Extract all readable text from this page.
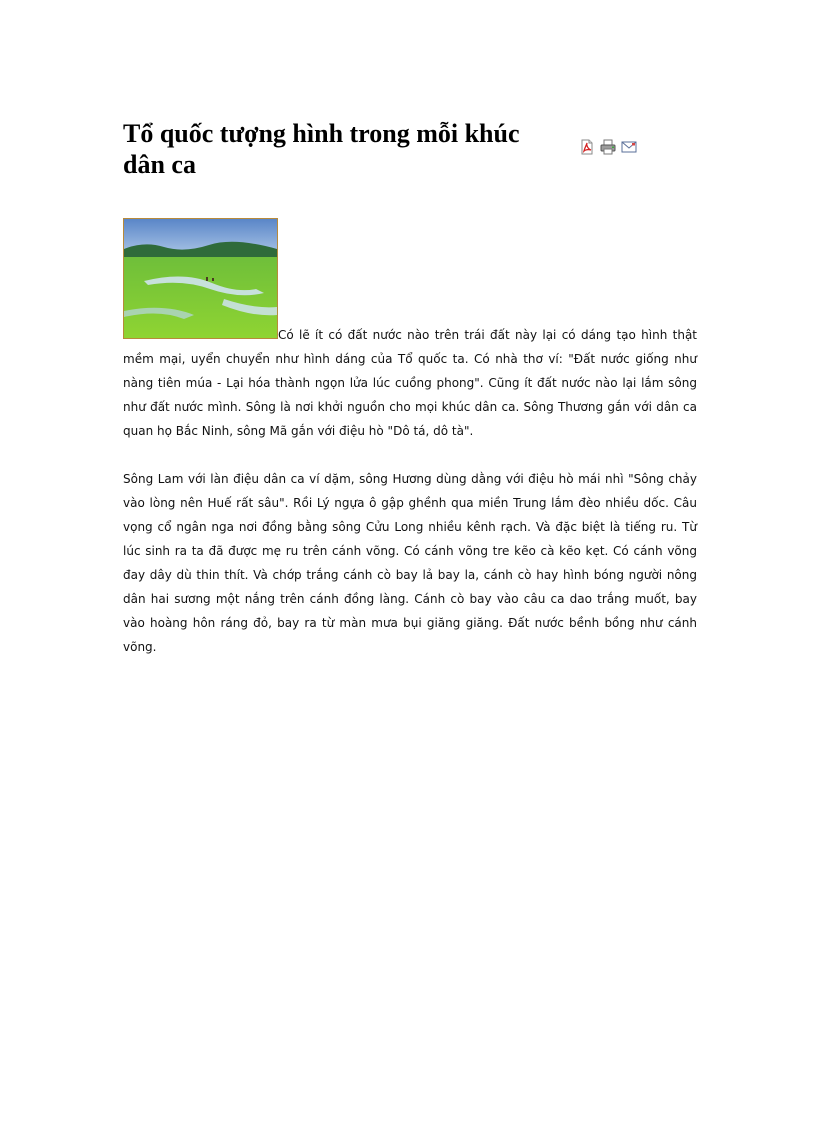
Tổ quốc tượng hình trong mỗi khúc dân ca

Có lẽ ít có đất nước nào trên trái đất này lại có dáng tạo hình thật mềm mại, uyển chuyển như hình dáng của Tổ quốc ta. Có nhà thơ ví: "Đất nước giống như nàng tiên múa - Lại hóa thành ngọn lửa lúc cuồng phong". Cũng ít đất nước nào lại lắm sông như đất nước mình. Sông là nơi khởi nguồn cho mọi khúc dân ca. Sông Thương gắn với dân ca quan họ Bắc Ninh, sông Mã gắn với điệu hò "Dô tá, dô tà".

Sông Lam với làn điệu dân ca ví dặm, sông Hương dùng dằng với điệu hò mái nhì "Sông chảy vào lòng nên Huế rất sâu". Rồi Lý ngựa ô gập ghềnh qua miền Trung lắm đèo nhiều dốc. Câu vọng cổ ngân nga nơi đồng bằng sông Cửu Long nhiều kênh rạch. Và đặc biệt là tiếng ru. Từ lúc sinh ra ta đã được mẹ ru trên cánh võng. Có cánh võng tre kẽo cà kẽo kẹt. Có cánh võng đay dây dù thin thít. Và chớp trắng cánh cò bay lả bay la, cánh cò hay hình bóng người nông dân hai sương một nắng trên cánh đồng làng. Cánh cò bay vào câu ca dao trắng muốt, bay vào hoàng hôn ráng đỏ, bay ra từ màn mưa bụi giăng giăng. Đất nước bềnh bồng như cánh võng.
